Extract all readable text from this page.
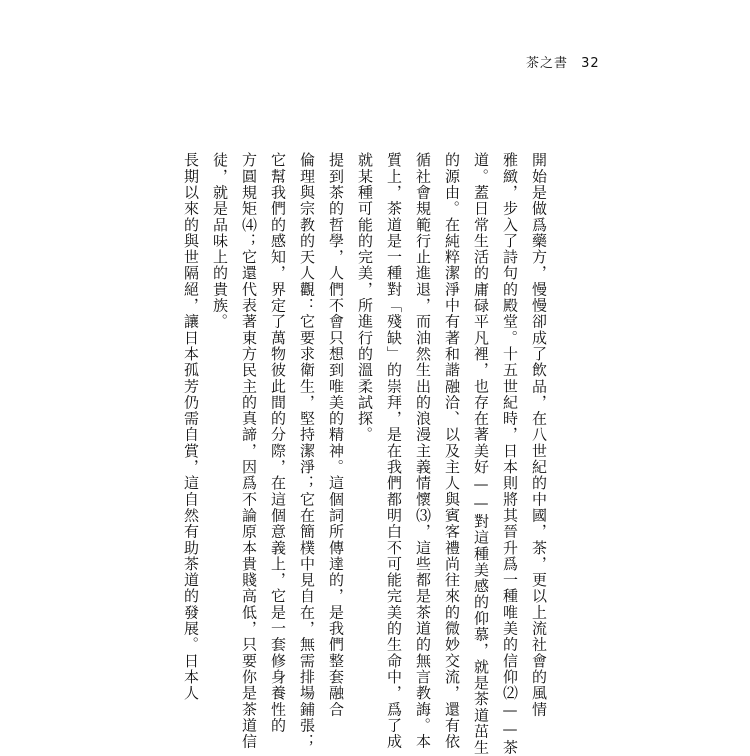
茶之書 32
開始是做爲藥方，慢慢卻成了飲品，在八世紀的中國，茶，更以上流社會的風情
雅緻，步入了詩句的殿堂。十五世紀時，日本則將其晉升爲一種唯美的信仰⑵——茶
道。蓋日常生活的庸碌平凡裡，也存在著美好——對這種美感的仰慕，就是茶道茁生
的源由。在純粹潔淨中有著和諧融洽、以及主人與賓客禮尚往來的微妙交流，還有依
循社會規範行止進退，而油然生出的浪漫主義情懷⑶，這些都是茶道的無言教誨。本
質上，茶道是一種對「殘缺」的崇拜，是在我們都明白不可能完美的生命中，爲了成
就某種可能的完美，所進行的溫柔試探。
提到茶的哲學，人們不會只想到唯美的精神。這個詞所傳達的，是我們整套融合
倫理與宗教的天人觀：它要求衛生，堅持潔淨；它在簡樸中見自在，無需排場鋪張；
它幫我們的感知，界定了萬物彼此間的分際，在這個意義上，它是一套修身養性的
方圓規矩⑷；它還代表著東方民主的真諦，因爲不論原本貴賤高低，只要你是茶道信
徒，就是品味上的貴族。
長期以來的與世隔絕，讓日本孤芳仍需自賞，這自然有助茶道的發展。日本人
